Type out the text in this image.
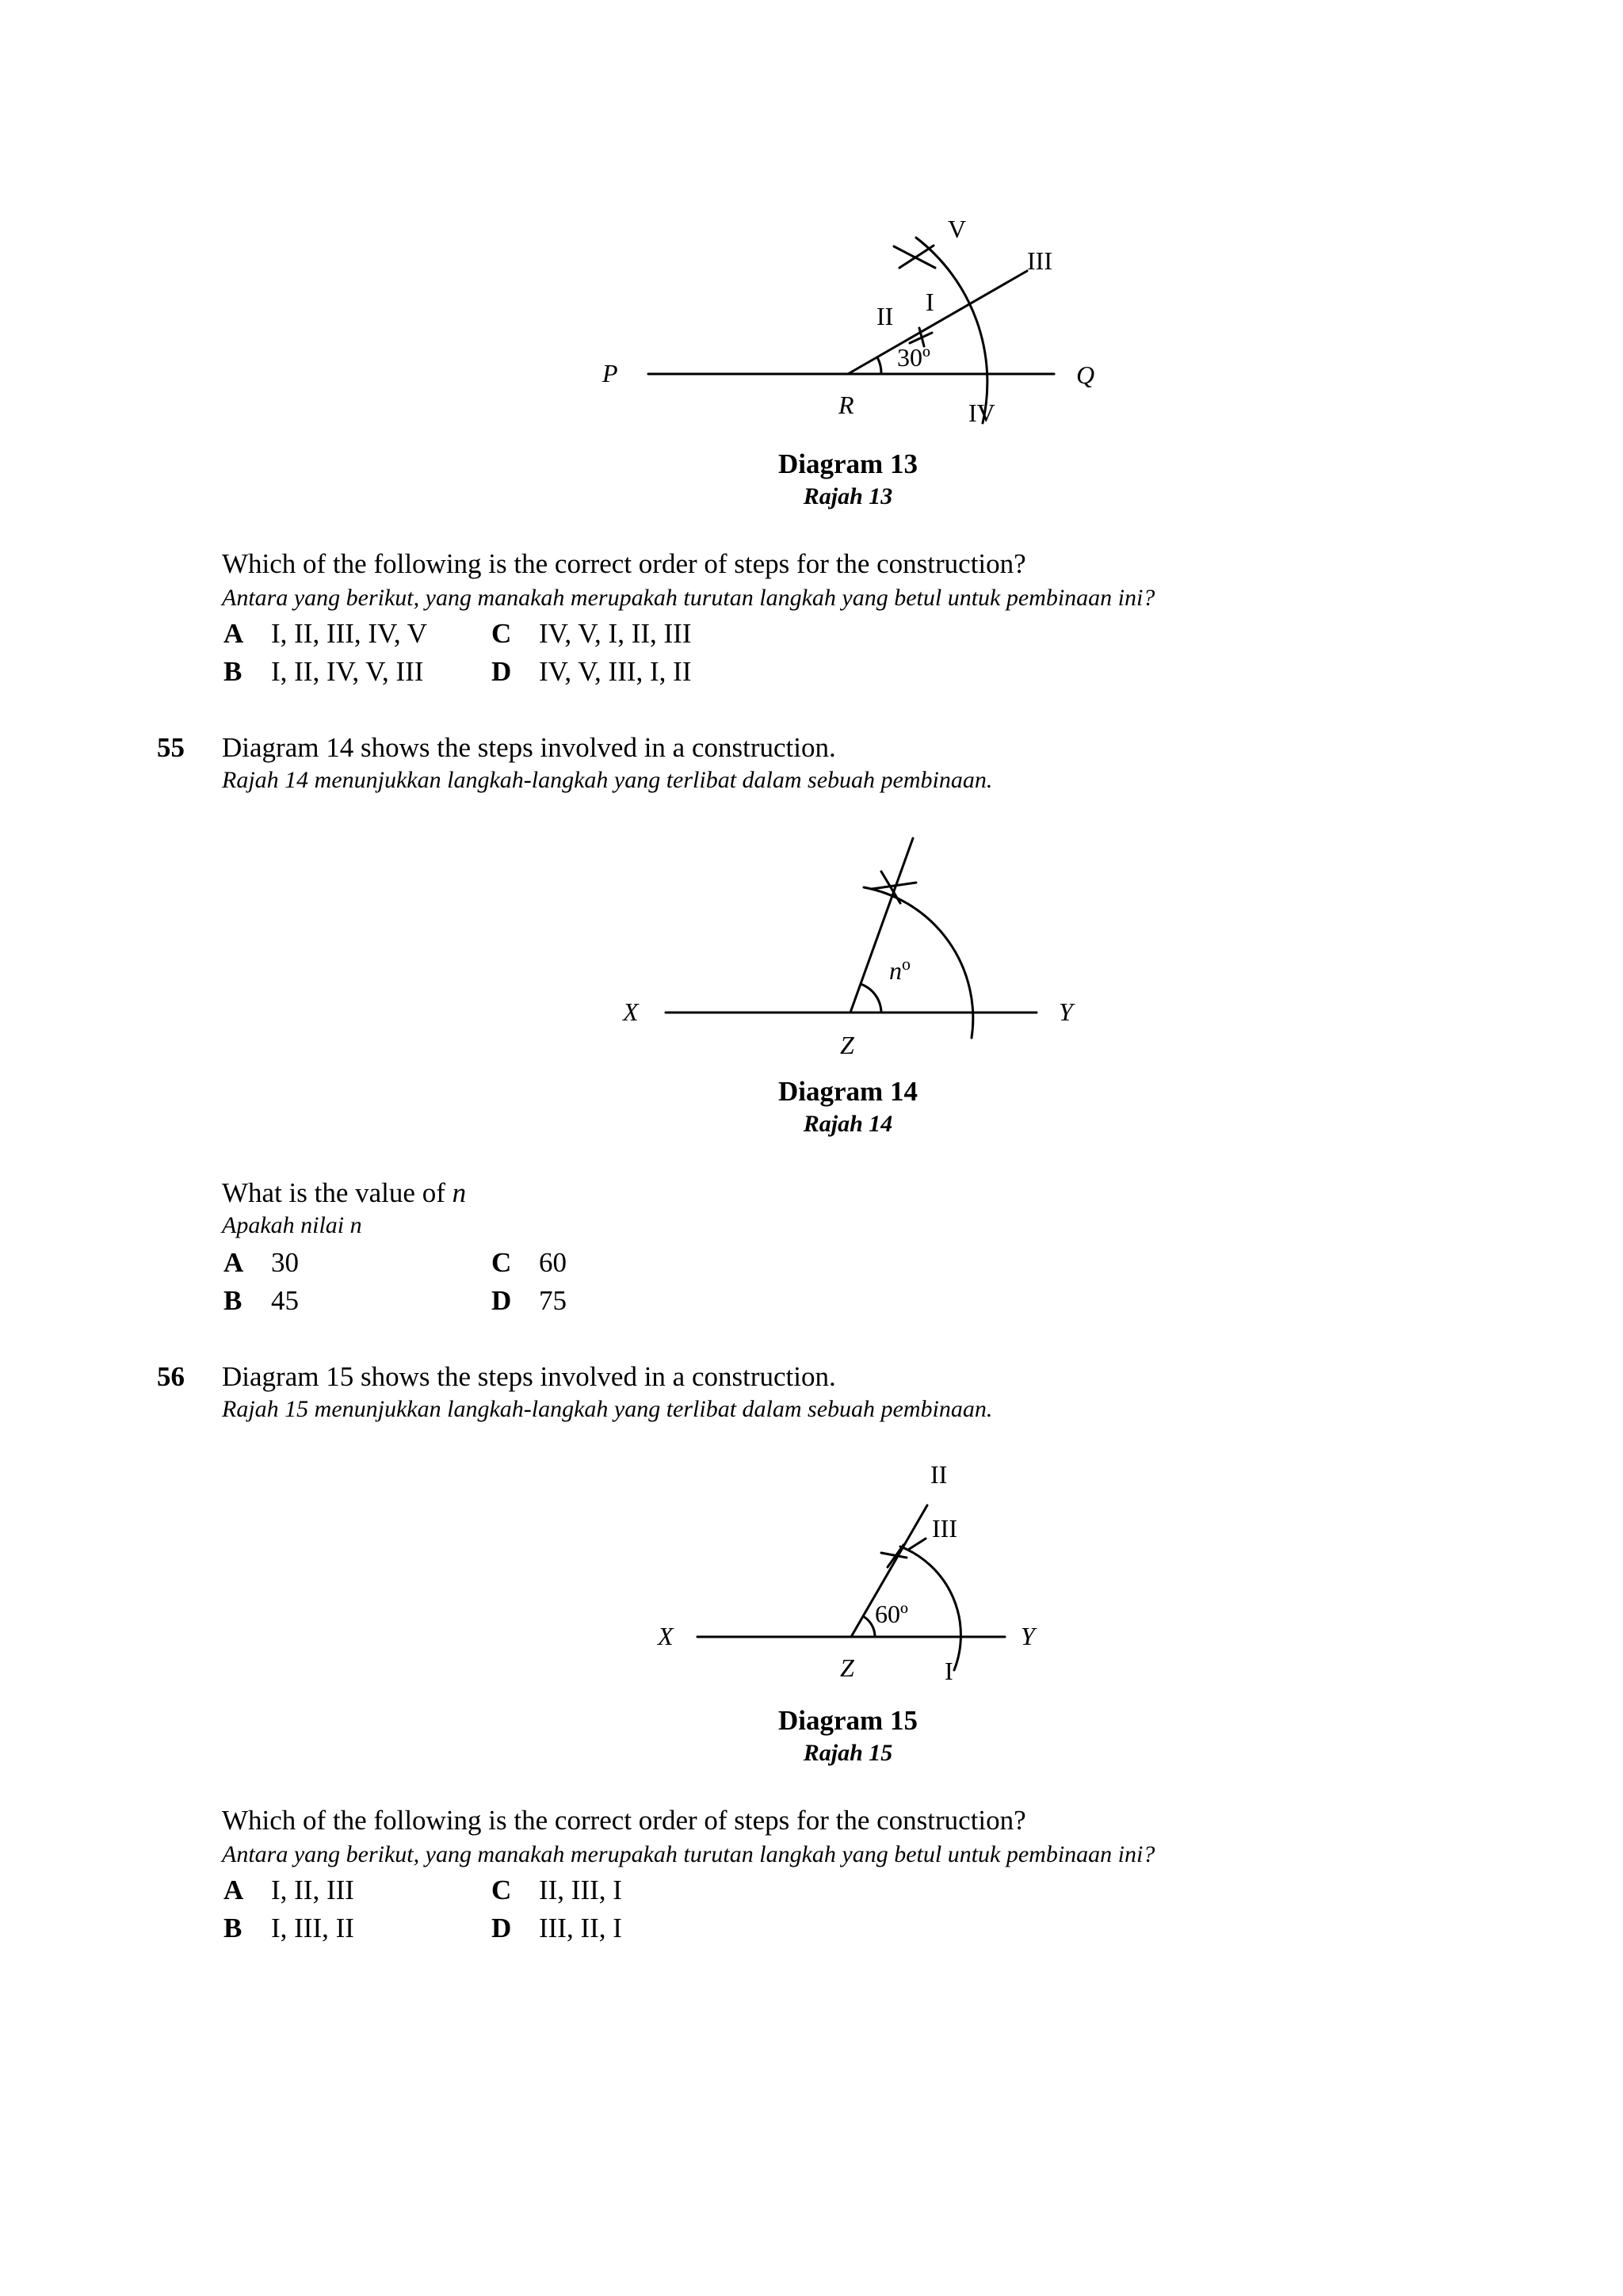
P	Q
R
V
III
II I
IV
30º

Diagram 13

Rajah 13

Which of the following is the correct order of steps for the construction?

Antara yang berikut, yang manakah merupakah turutan langkah yang betul untuk pembinaan ini?

A I, II, III, IV, V
B I, II, IV, V, III
C IV, V, I, II, III
D IV, V, III, I, II

55 Diagram 14 shows the steps involved in a construction.

Rajah 14 menunjukkan langkah-langkah yang terlibat dalam sebuah pembinaan.

X	Y
Z
$n^o$

Diagram 14

Rajah 14

What is the value of n

Apakah nilai n

A 30
B 45
C 60
D 75

56 Diagram 15 shows the steps involved in a construction.

Rajah 15 menunjukkan langkah-langkah yang terlibat dalam sebuah pembinaan.

X	Y
Z
II
III
I
60º

Diagram 15

Rajah 15

Which of the following is the correct order of steps for the construction?

Antara yang berikut, yang manakah merupakah turutan langkah yang betul untuk pembinaan ini?

A I, II, III
B I, III, II
C II, III, I
D III, II, I
